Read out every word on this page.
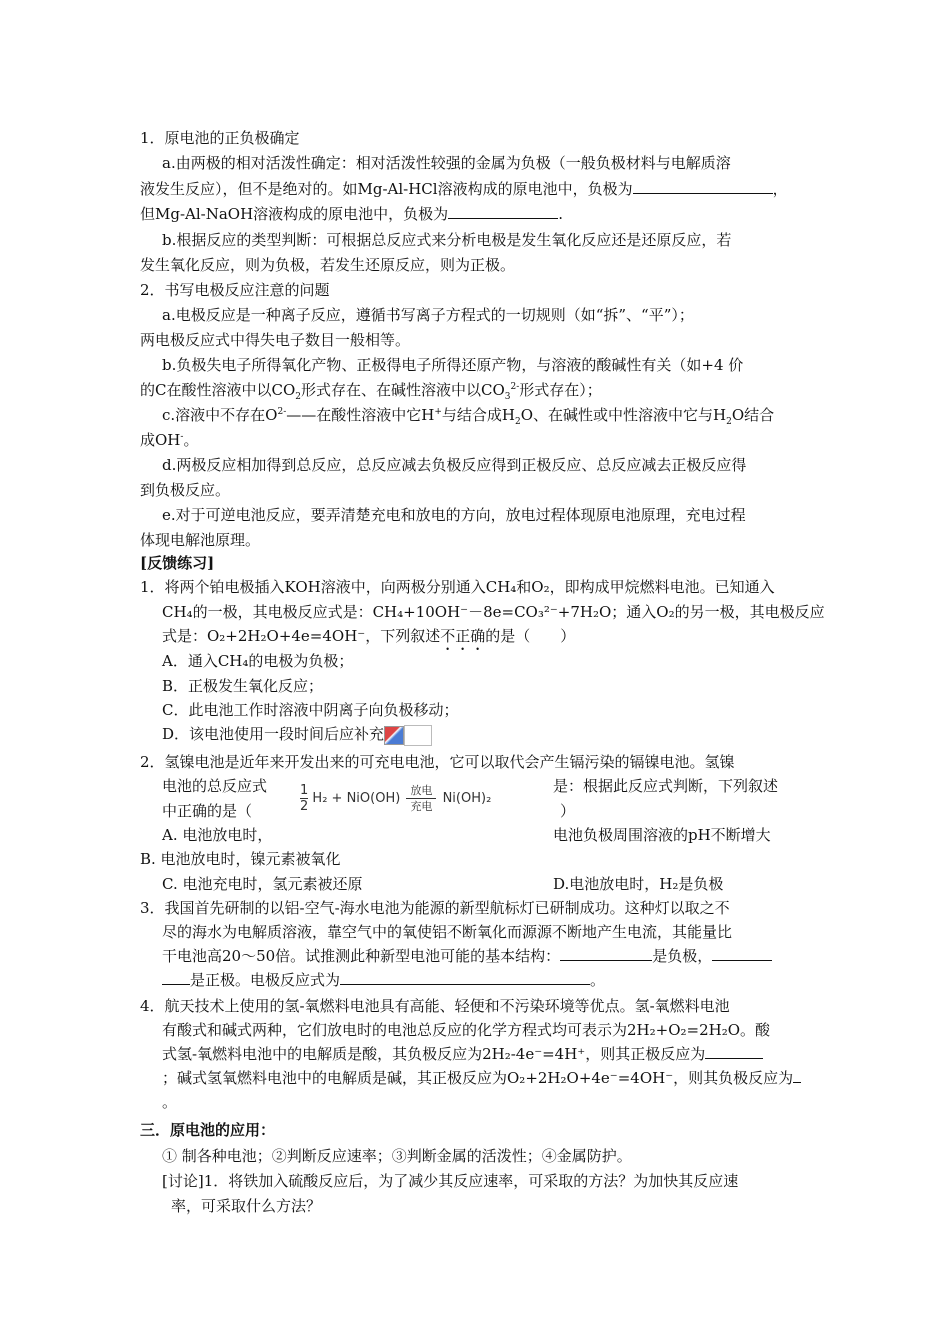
1．原电池的正负极确定
a.由两极的相对活泼性确定：相对活泼性较强的金属为负极（一般负极材料与电解质溶
液发生反应），但不是绝对的。如Mg-Al-HCl溶液构成的原电池中，负极为	，
但Mg-Al-NaOH溶液构成的原电池中，负极为	.
b.根据反应的类型判断：可根据总反应式来分析电极是发生氧化反应还是还原反应，若
发生氧化反应，则为负极，若发生还原反应，则为正极。
2．书写电极反应注意的问题
a.电极反应是一种离子反应，遵循书写离子方程式的一切规则（如“拆”、“平”）；
两电极反应式中得失电子数目一般相等。
b.负极失电子所得氧化产物、正极得电子所得还原产物，与溶液的酸碱性有关（如+4 价
的C在酸性溶液中以$CO_2$形式存在、在碱性溶液中以$CO_3^{2-}$形式存在）；
c.溶液中不存在$O^{2-}——$在酸性溶液中它H+与结合成$H_2O$、在碱性或中性溶液中它与$H_2O$结合
成OH-。
d.两极反应相加得到总反应，总反应减去负极反应得到正极反应、总反应减去正极反应得
到负极反应。
e.对于可逆电池反应，要弄清楚充电和放电的方向，放电过程体现原电池原理，充电过程
体现电解池原理。
[反馈练习]
1．将两个铂电极插入KOH溶液中，向两极分别通入CH₄和O₂，即构成甲烷燃料电池。已知通入
CH₄的一极，其电极反应式是：CH₄+10OH⁻－8e=CO₃²⁻+7H₂O；通入O₂的另一极，其电极反应
式是：O₂+2H₂O+4e=4OH⁻，下列叙述不正确的是（　　）
A．通入CH₄的电极为负极；
B．正极发生氧化反应；
C．此电池工作时溶液中阴离子向负极移动；
D．该电池使用一段时间后应补充
2．氢镍电池是近年来开发出来的可充电电池，它可以取代会产生镉污染的镉镍电池。氢镍
电池的总反应式	是：根据此反应式判断，下列叙述
中正确的是（	）
$\frac{1}{2} H_2 + NiO(OH)$
放电
充电
Ni(OH)₂
A. 电池放电时，	电池负极周围溶液的pH不断增大
B. 电池放电时，镍元素被氧化
C. 电池充电时，氢元素被还原	D.电池放电时，H₂是负极
3．我国首先研制的以铝-空气-海水电池为能源的新型航标灯已研制成功。这种灯以取之不
尽的海水为电解质溶液，靠空气中的氧使铝不断氧化而源源不断地产生电流，其能量比
干电池高20～50倍。试推测此种新型电池可能的基本结构：	是负极，
是正极。电极反应式为	。
4．航天技术上使用的氢-氧燃料电池具有高能、轻便和不污染环境等优点。氢-氧燃料电池
有酸式和碱式两种，它们放电时的电池总反应的化学方程式均可表示为2H₂+O₂=2H₂O。酸
式氢-氧燃料电池中的电解质是酸，其负极反应为2H₂-4e⁻=4H⁺，则其正极反应为
；碱式氢氧燃料电池中的电解质是碱，其正极反应为O₂+2H₂O+4e⁻=4OH⁻，则其负极反应为
。
三．原电池的应用：
① 制各种电池；②判断反应速率；③判断金属的活泼性；④金属防护。
[讨论]1．将铁加入硫酸反应后，为了减少其反应速率，可采取的方法？为加快其反应速
率，可采取什么方法？
